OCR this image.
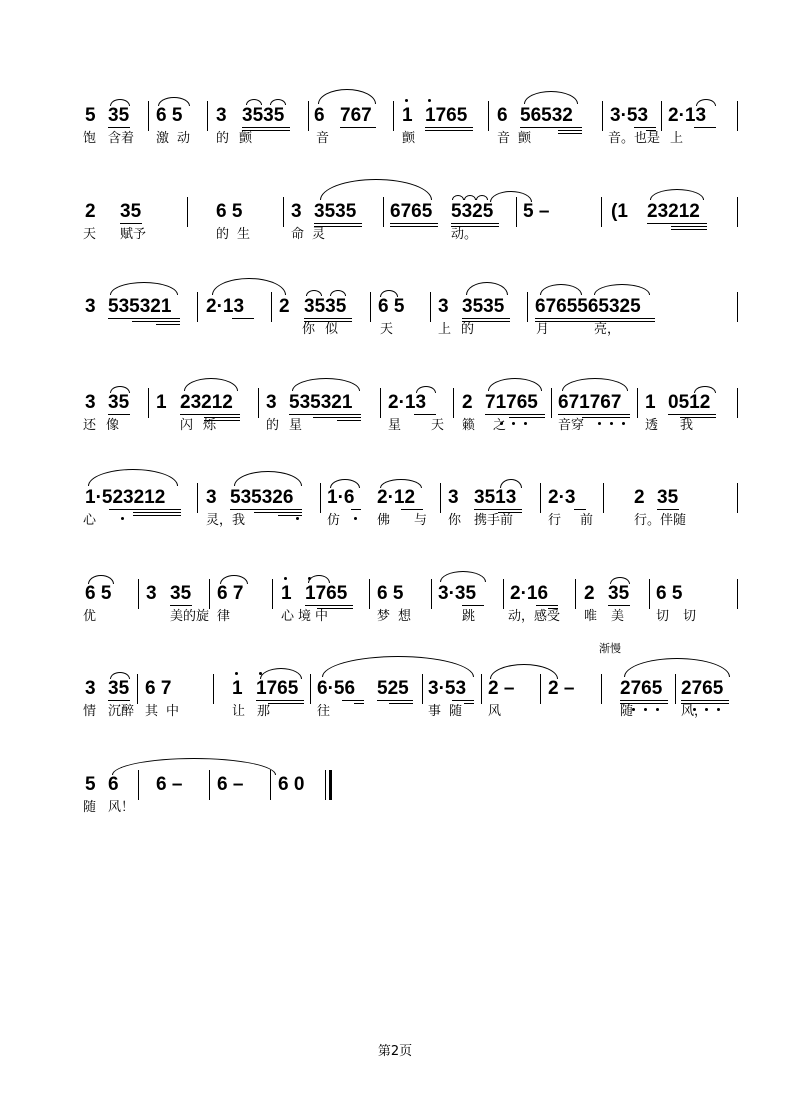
5 35 6 5 3 3535 6 767 1 1765 6 56532 3·53 2·13
饱 含着 激动 的颤	音	颤	音颤	音。也是 上
2 35	6 5	3 3535 6765 5325 5 –	(1 23212
天 赋予	的生	命灵	动。
3 535321 2·13 2 3535 6 5 3 3535 6765565325
你似 天	上的	月	亮，
3 35 1 23212 3 535321 2·13 2 71765 671767 1 0512
还像	闪烁	的星	星天
籁之	音穿	透 我
1·523212 3 535326 1·6 2·12 3 3513 2·3	2 35
心	灵，我	仿	佛 与 你 携手前	行 前	行。伴随
6 5 3 35 6 7 1 1765 6 5 3·35 2·16 2 35 6 5
优	美的旋 律	心境中	梦想	跳	动，感受 唯美 切切
渐慢
3 35 6 7	1 1765 6·56 525 3·53 2 – 2 – 2765 2765
情 沉醉 其中	让那	往	事随 风	随	风，
5 6 6 – 6 – 6 0
随 风！
第2页
